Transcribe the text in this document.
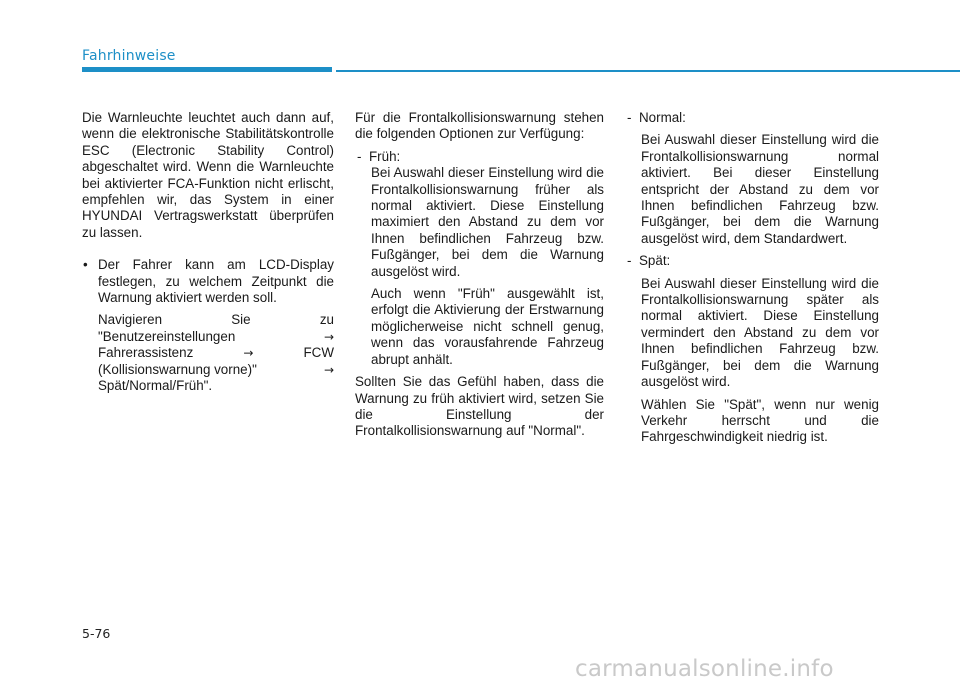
Fahrhinweise

Die Warnleuchte leuchtet auch dann auf, wenn die elektronische Stabilitätskontrolle ESC (Electronic Stability Control) abgeschaltet wird. Wenn die Warnleuchte bei aktivierter FCA-Funktion nicht erlischt, empfehlen wir, das System in einer HYUNDAI Vertragswerkstatt überprüfen zu lassen.

• Der Fahrer kann am LCD-Display festlegen, zu welchem Zeitpunkt die Warnung aktiviert werden soll.

Navigieren	Sie	zu
"Benutzereinstellungen	→
Fahrerassistenz	→	FCW
(Kollisionswarnung vorne)"	→
Spät/Normal/Früh".

Für die Frontalkollisionswarnung stehen die folgenden Optionen zur Verfügung:

- Früh:

Bei Auswahl dieser Einstellung wird die Frontalkollisionswarnung früher als normal aktiviert. Diese Einstellung maximiert den Abstand zu dem vor Ihnen befindlichen Fahrzeug bzw. Fußgänger, bei dem die Warnung ausgelöst wird.

Auch wenn "Früh" ausgewählt ist, erfolgt die Aktivierung der Erstwarnung möglicherweise nicht schnell genug, wenn das vorausfahrende Fahrzeug abrupt anhält.

Sollten Sie das Gefühl haben, dass die Warnung zu früh aktiviert wird, setzen Sie die Einstellung der Frontalkollisionswarnung auf "Normal".

- Normal:

Bei Auswahl dieser Einstellung wird die Frontalkollisionswarnung normal aktiviert. Bei dieser Einstellung entspricht der Abstand zu dem vor Ihnen befindlichen Fahrzeug bzw. Fußgänger, bei dem die Warnung ausgelöst wird, dem Standardwert.

- Spät:

Bei Auswahl dieser Einstellung wird die Frontalkollisionswarnung später als normal aktiviert. Diese Einstellung vermindert den Abstand zu dem vor Ihnen befindlichen Fahrzeug bzw. Fußgänger, bei dem die Warnung ausgelöst wird.

Wählen Sie "Spät", wenn nur wenig Verkehr herrscht und die Fahrgeschwindigkeit niedrig ist.

5-76
carmanualsonline.info
